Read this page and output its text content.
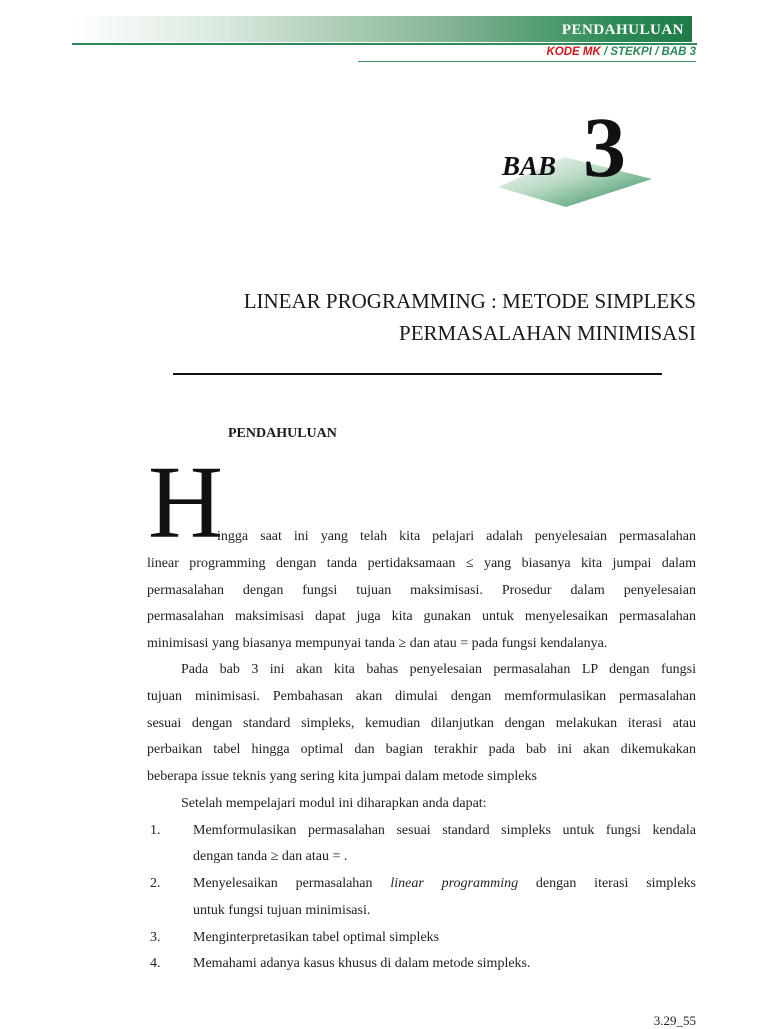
PENDAHULUAN
KODE MK / STEKPI / BAB 3
BAB 3
LINEAR PROGRAMMING : METODE SIMPLEKS
PERMASALAHAN MINIMISASI
PENDAHULUAN
H
ingga saat ini yang telah kita pelajari adalah penyelesaian permasalahan
linear programming dengan tanda pertidaksamaan ≤ yang biasanya kita jumpai dalam
permasalahan dengan fungsi tujuan maksimisasi. Prosedur dalam penyelesaian
permasalahan maksimisasi dapat juga kita gunakan untuk menyelesaikan permasalahan
minimisasi yang biasanya mempunyai tanda ≥ dan atau = pada fungsi kendalanya.
Pada bab 3 ini akan kita bahas penyelesaian permasalahan LP dengan fungsi
tujuan minimisasi. Pembahasan akan dimulai dengan memformulasikan permasalahan
sesuai dengan standard simpleks, kemudian dilanjutkan dengan melakukan iterasi atau
perbaikan tabel hingga optimal dan bagian terakhir pada bab ini akan dikemukakan
beberapa issue teknis yang sering kita jumpai dalam metode simpleks
Setelah mempelajari modul ini diharapkan anda dapat:
1. Memformulasikan permasalahan sesuai standard simpleks untuk fungsi kendala
dengan tanda ≥ dan atau = .
2. Menyelesaikan permasalahan linear programming dengan iterasi simpleks
untuk fungsi tujuan minimisasi.
3. Menginterpretasikan tabel optimal simpleks
4. Memahami adanya kasus khusus di dalam metode simpleks.
3.29_55
